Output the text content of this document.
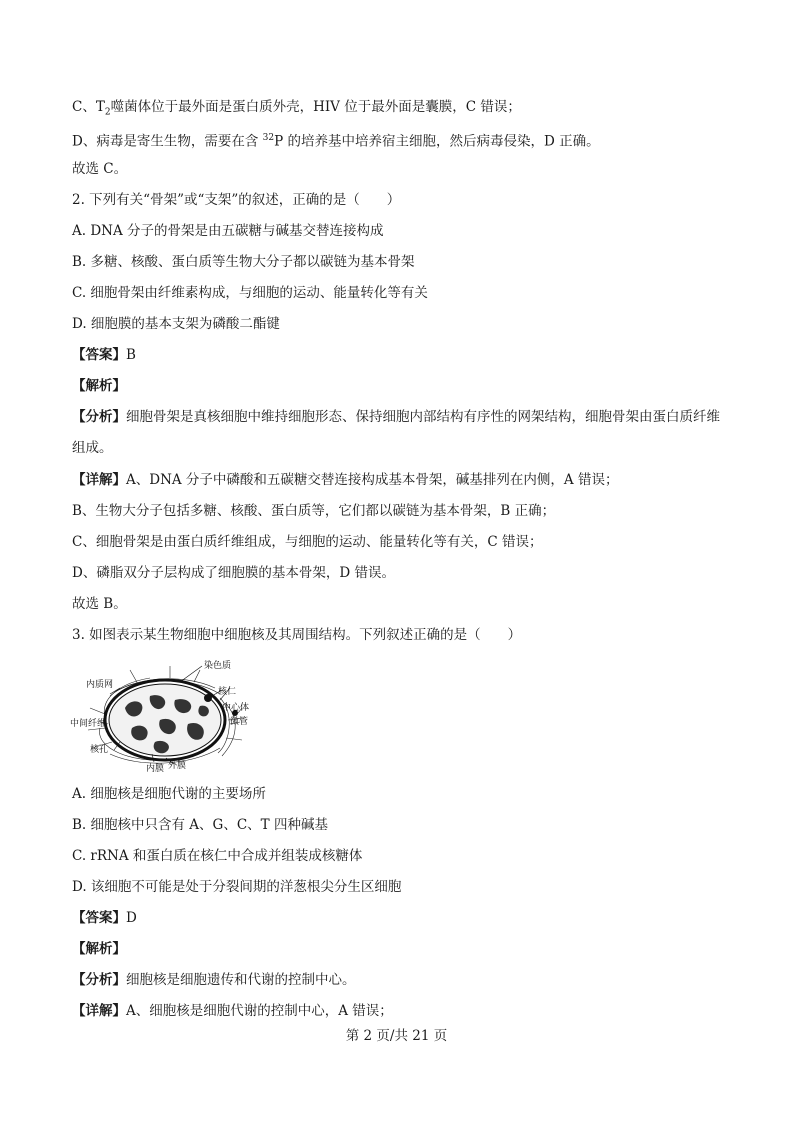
C、$T_2$噬菌体位于最外面是蛋白质外壳，HIV 位于最外面是囊膜，C 错误；
D、病毒是寄生生物，需要在含 $^{32}$P 的培养基中培养宿主细胞，然后病毒侵染，D 正确。
故选 C。
2. 下列有关“骨架”或“支架”的叙述，正确的是（　　）
A. DNA 分子的骨架是由五碳糖与碱基交替连接构成
B. 多糖、核酸、蛋白质等生物大分子都以碳链为基本骨架
C. 细胞骨架由纤维素构成，与细胞的运动、能量转化等有关
D. 细胞膜的基本支架为磷酸二酯键
【答案】B
【解析】
【分析】细胞骨架是真核细胞中维持细胞形态、保持细胞内部结构有序性的网架结构，细胞骨架由蛋白质纤维组成。
【详解】A、DNA 分子中磷酸和五碳糖交替连接构成基本骨架，碱基排列在内侧，A 错误；
B、生物大分子包括多糖、核酸、蛋白质等，它们都以碳链为基本骨架，B 正确；
C、细胞骨架是由蛋白质纤维组成，与细胞的运动、能量转化等有关，C 错误；
D、磷脂双分子层构成了细胞膜的基本骨架，D 错误。
故选 B。
3. 如图表示某生物细胞中细胞核及其周围结构。下列叙述正确的是（　　）
染色质
内质网
核仁
中心体
微管
中间纤维
核孔
外膜
内膜
A. 细胞核是细胞代谢的主要场所
B. 细胞核中只含有 A、G、C、T 四种碱基
C. rRNA 和蛋白质在核仁中合成并组装成核糖体
D. 该细胞不可能是处于分裂间期的洋葱根尖分生区细胞
【答案】D
【解析】
【分析】细胞核是细胞遗传和代谢的控制中心。
【详解】A、细胞核是细胞代谢的控制中心，A 错误；
第 2 页/共 21 页
